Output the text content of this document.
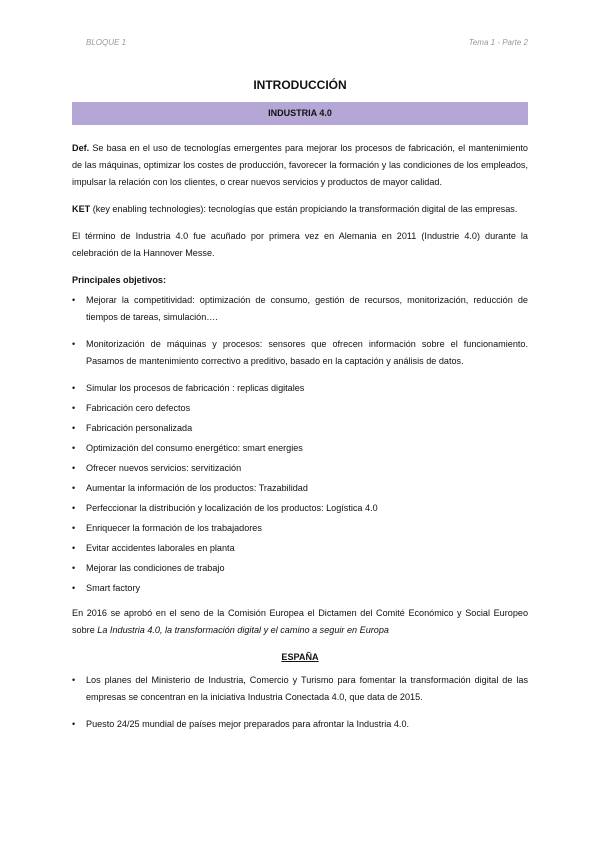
BLOQUE 1	Tema 1 - Parte 2
INTRODUCCIÓN
INDUSTRIA 4.0

Def. Se basa en el uso de tecnologías emergentes para mejorar los procesos de fabricación, el mantenimiento de las máquinas, optimizar los costes de producción, favorecer la formación y las condiciones de los empleados, impulsar la relación con los clientes, o crear nuevos servicios y productos de mayor calidad.

KET (key enabling technologies): tecnologías que están propiciando la transformación digital de las empresas.

El término de Industria 4.0 fue acuñado por primera vez en Alemania en 2011 (Industrie 4.0) durante la celebración de la Hannover Messe.

Principales objetivos:
•	Mejorar la competitividad: optimización de consumo, gestión de recursos, monitorización, reducción de tiempos de tareas, simulación….
•	Monitorización de máquinas y procesos: sensores que ofrecen información sobre el funcionamiento. Pasamos de mantenimiento correctivo a preditivo, basado en la captación y análisis de datos.
•	Simular los procesos de fabricación : replicas digitales
•	Fabricación cero defectos
•	Fabricación personalizada
•	Optimización del consumo energético: smart energies
•	Ofrecer nuevos servicios: servitización
•	Aumentar la información de los productos: Trazabilidad
•	Perfeccionar la distribución y localización de los productos: Logística 4.0
•	Enriquecer la formación de los trabajadores
•	Evitar accidentes laborales en planta
•	Mejorar las condiciones de trabajo
•	Smart factory

En 2016 se aprobó en el seno de la Comisión Europea el Dictamen del Comité Económico y Social Europeo sobre La Industria 4.0, la transformación digital y el camino a seguir en Europa

ESPAÑA
•	Los planes del Ministerio de Industria, Comercio y Turismo para fomentar la transformación digital de las empresas se concentran en la iniciativa Industria Conectada 4.0, que data de 2015.
•	Puesto 24/25 mundial de países mejor preparados para afrontar la Industria 4.0.
